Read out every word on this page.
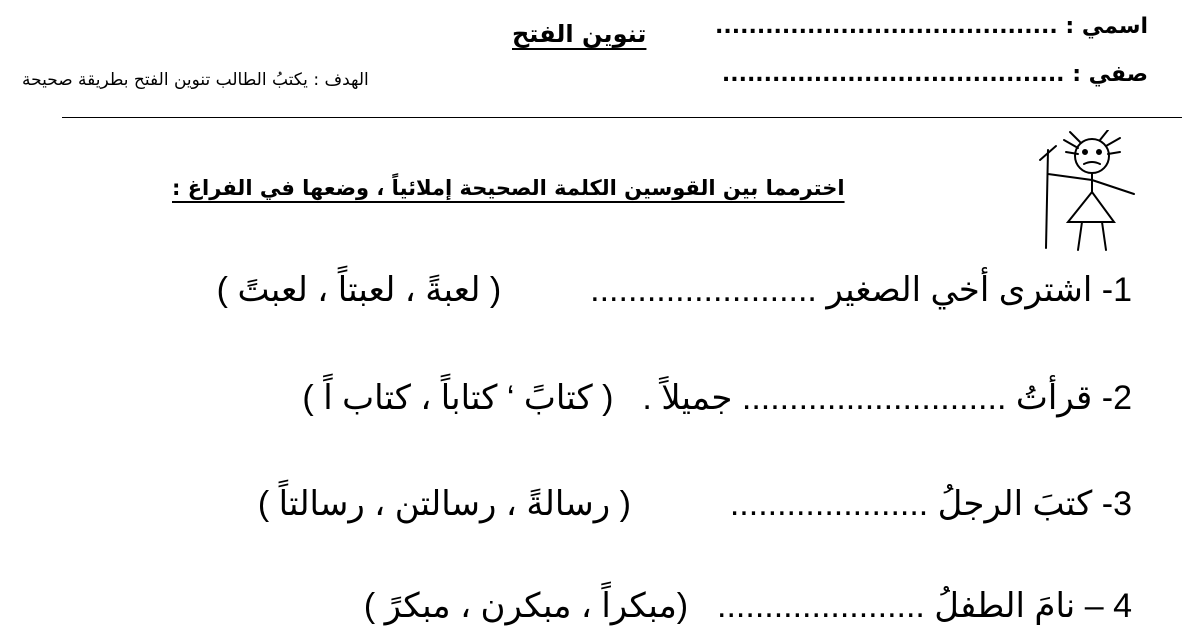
اسمي : .........................................
صفي : .........................................
تنوين الفتح
الهدف : يكتبُ الطالب تنوين الفتح بطريقة صحيحة
اخترمما بين القوسين الكلمة الصحيحة إملائياً ، وضعها في الفراغ :
1- اشترى أخي الصغير ........................  ( لعبةً ، لعبتاً ، لعبتً )
2- قرأتُ ............................ جميلاً .  ( كتابً ‘ كتاباً ، كتاب اً )
3- كتبَ الرجلُ .....................  ( رسالةً ، رسالتن ، رسالتاً )
4 – نامَ الطفلُ ......................  (مبكراً ، مبكرن ، مبكرً )
